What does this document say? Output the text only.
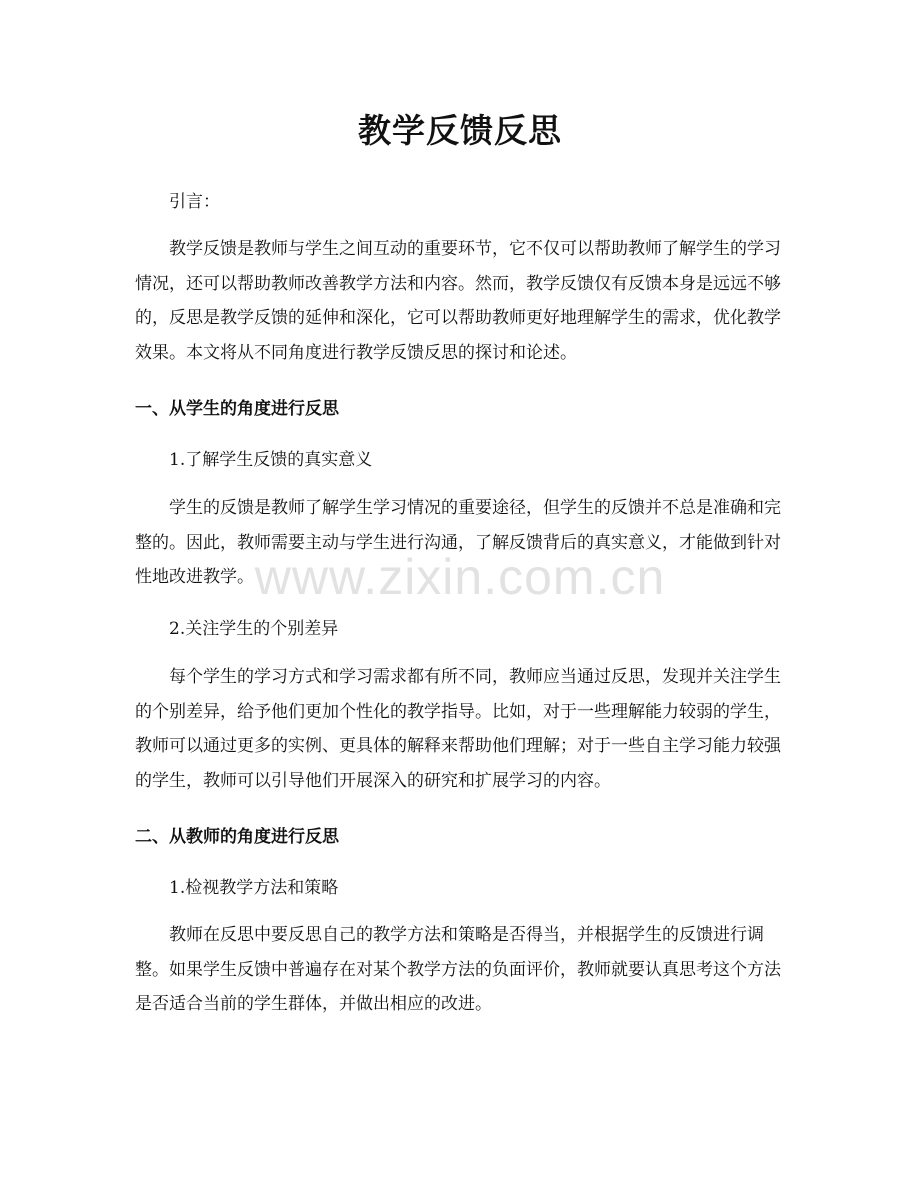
教学反馈反思
引言：
教学反馈是教师与学生之间互动的重要环节，它不仅可以帮助教师了解学生的学习情况，还可以帮助教师改善教学方法和内容。然而，教学反馈仅有反馈本身是远远不够的，反思是教学反馈的延伸和深化，它可以帮助教师更好地理解学生的需求，优化教学效果。本文将从不同角度进行教学反馈反思的探讨和论述。
一、从学生的角度进行反思
1.了解学生反馈的真实意义
学生的反馈是教师了解学生学习情况的重要途径，但学生的反馈并不总是准确和完整的。因此，教师需要主动与学生进行沟通，了解反馈背后的真实意义，才能做到针对性地改进教学。
2.关注学生的个别差异
每个学生的学习方式和学习需求都有所不同，教师应当通过反思，发现并关注学生的个别差异，给予他们更加个性化的教学指导。比如，对于一些理解能力较弱的学生，教师可以通过更多的实例、更具体的解释来帮助他们理解；对于一些自主学习能力较强的学生，教师可以引导他们开展深入的研究和扩展学习的内容。
二、从教师的角度进行反思
1.检视教学方法和策略
教师在反思中要反思自己的教学方法和策略是否得当，并根据学生的反馈进行调整。如果学生反馈中普遍存在对某个教学方法的负面评价，教师就要认真思考这个方法是否适合当前的学生群体，并做出相应的改进。
www.zixin.com.cn
